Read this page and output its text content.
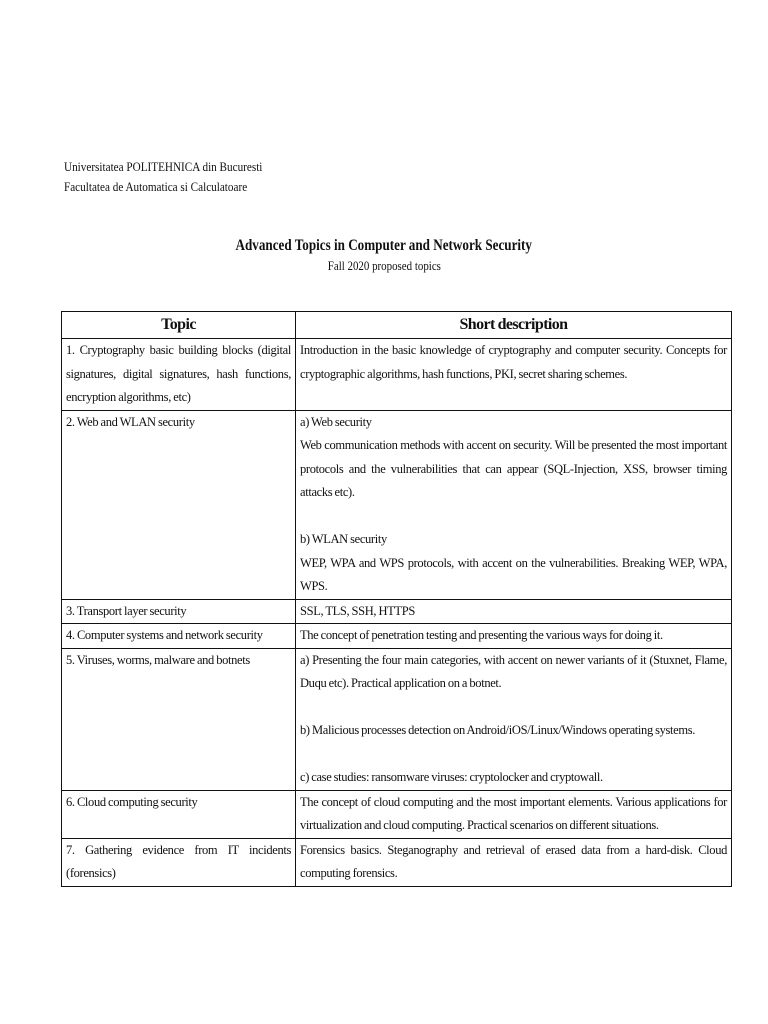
Universitatea POLITEHNICA din Bucuresti
Facultatea de Automatica si Calculatoare
Advanced Topics in Computer and Network Security
Fall 2020 proposed topics
Topic	Short description
1. Cryptography basic building blocks (digital signatures, digital signatures, hash functions, encryption algorithms, etc)	Introduction in the basic knowledge of cryptography and computer security. Concepts for cryptographic algorithms, hash functions, PKI, secret sharing schemes.

2. Web and WLAN security	a) Web security
Web communication methods with accent on security. Will be presented the most important protocols and the vulnerabilities that can appear (SQL-Injection, XSS, browser timing attacks etc).
b) WLAN security
WEP, WPA and WPS protocols, with accent on the vulnerabilities. Breaking WEP, WPA, WPS.

3. Transport layer security	SSL, TLS, SSH, HTTPS

4. Computer systems and network security	The concept of penetration testing and presenting the various ways for doing it.

5. Viruses, worms, malware and botnets	a) Presenting the four main categories, with accent on newer variants of it (Stuxnet, Flame, Duqu etc). Practical application on a botnet.
b) Malicious processes detection on Android/iOS/Linux/Windows operating systems.
c) case studies: ransomware viruses: cryptolocker and cryptowall.

6. Cloud computing security	The concept of cloud computing and the most important elements. Various applications for virtualization and cloud computing. Practical scenarios on different situations.

7. Gathering evidence from IT incidents (forensics)	Forensics basics. Steganography and retrieval of erased data from a hard-disk. Cloud computing forensics.
